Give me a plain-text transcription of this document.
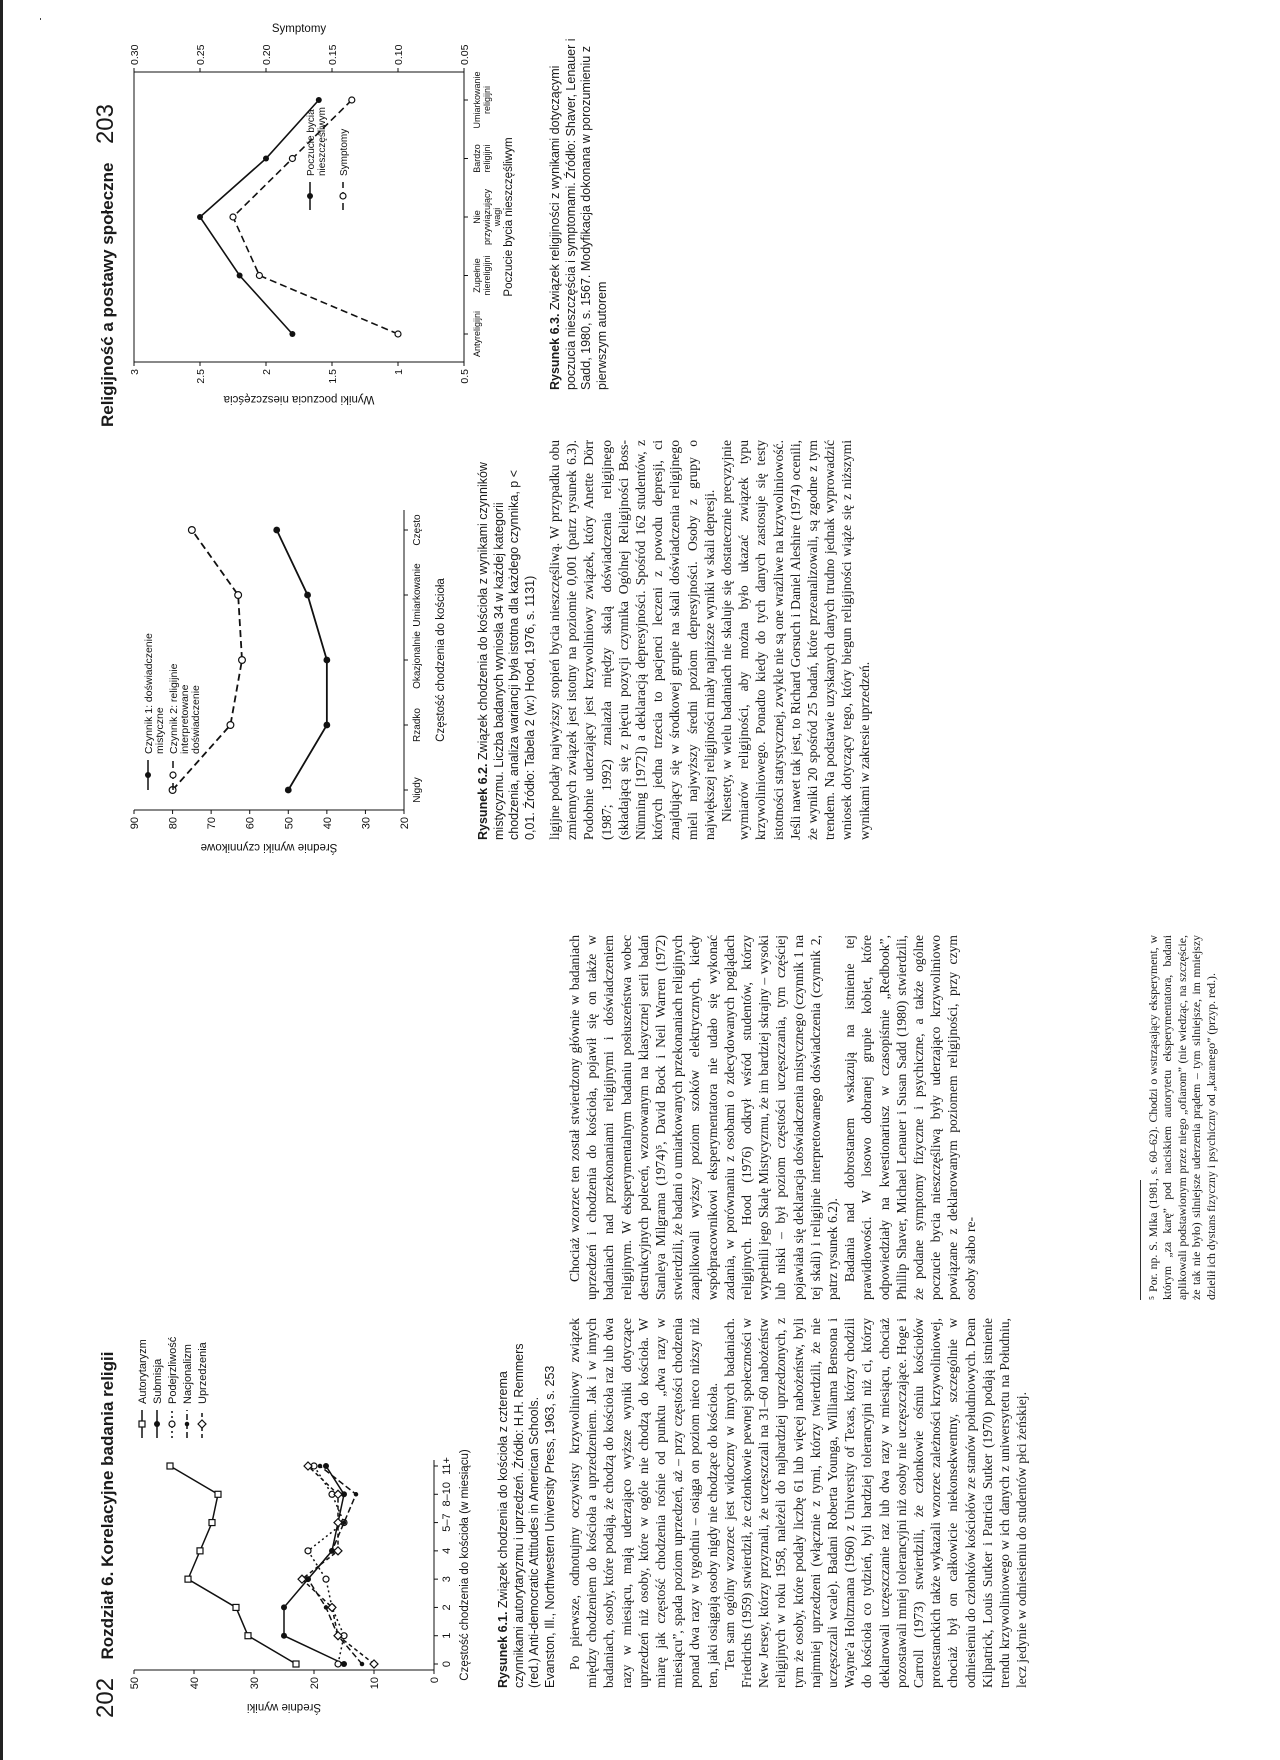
202 Rozdział 6. Korelacyjne badania religii
0
10
20
30
40
50
0
1
2
3
4
5–7
8–10
11+ Częstość chodzenia do kościoła (w miesiącu)
Średnie wyniki
Autorytaryzm Submisja Podejrzliwość Nacjonalizm Uprzedzenia
Rysunek 6.1. Związek chodzenia do kościoła z czterema czynnikami autorytaryzmu i uprzedzeń. Źródło: H.H. Remmers (red.) Anti-democratic Attitudes in American Schools. Evanston, Ill., Northwestern University Press, 1963, s. 253 Po pierwsze, odnotujmy oczywisty krzywoliniowy związek między chodzeniem do kościoła a uprzedzeniem. Jak i w innych badaniach, osoby, które podają, że chodzą do kościoła raz lub dwa razy w miesiącu, mają uderzająco wyższe wyniki dotyczące uprzedzeń niż osoby, które w ogóle nie chodzą do kościoła. W miarę jak częstość chodzenia rośnie od punktu „dwa razy w miesiącu”, spada poziom uprzedzeń, aż – przy częstości chodzenia ponad dwa razy w tygodniu – osiąga on poziom nieco niższy niż ten, jaki osiągają osoby nigdy nie chodzące do kościoła. Ten sam ogólny wzorzec jest widoczny w innych badaniach. Friedrichs (1959) stwierdził, że członkowie pewnej społeczności w New Jersey, którzy przyznali, że uczęszczali na 31–60 nabożeństw religijnych w roku 1958, należeli do najbardziej uprzedzonych, z tym że osoby, które podały liczbę 61 lub więcej nabożeństw, byli najmniej uprzedzeni (włącznie z tymi, którzy twierdzili, że nie uczęszczali wcale). Badani Roberta Younga, Williama Bensona i Wayne'a Holtzmana (1960) z University of Texas, którzy chodzili do kościoła co tydzień, byli bardziej tolerancyjni niż ci, którzy deklarowali uczęszczanie raz lub dwa razy w miesiącu, chociaż pozostawali mniej tolerancyjni niż osoby nie uczęszczające. Hoge i Carroll (1973) stwierdzili, że członkowie ośmiu kościołów protestanckich także wykazali wzorzec zależności krzywoliniowej, chociaż był on całkowicie niekonsekwentny, szczególnie w odniesieniu do członków kościołów ze stanów południowych. Dean Kilpatrick, Louis Sutker i Patricia Sutker (1970) podają istnienie trendu krzywoliniowego w ich danych z uniwersytetu na Południu, lecz jedynie w odniesieniu do studentów płci żeńskiej.

Chociaż wzorzec ten został stwierdzony głównie w badaniach uprzedzeń i chodzenia do kościoła, pojawił się on także w badaniach nad przekonaniami religijnymi i doświadczeniem religijnym. W eksperymentalnym badaniu posłuszeństwa wobec destrukcyjnych poleceń, wzorowanym na klasycznej serii badań Stanleya Milgrama (1974)⁵, David Bock i Neil Warren (1972) stwierdzili, że badani o umiarkowanych przekonaniach religijnych zaaplikowali wyższy poziom szoków elektrycznych, kiedy współpracownikowi eksperymentatora nie udało się wykonać zadania, w porównaniu z osobami o zdecydowanych poglądach religijnych. Hood (1976) odkrył wśród studentów, którzy wypełnili jego Skalę Mistycyzmu, że im bardziej skrajny – wysoki lub niski – był poziom częstości uczęszczania, tym częściej pojawiała się deklaracja doświadczenia mistycznego (czynnik 1 na tej skali) i religijnie interpretowanego doświadczenia (czynnik 2, patrz rysunek 6.2). Badania nad dobrostanem wskazują na istnienie tej prawidłowości. W losowo dobranej grupie kobiet, które odpowiedziały na kwestionariusz w czasopiśmie „Redbook”, Phillip Shaver, Michael Lenauer i Susan Sadd (1980) stwierdzili, że podane symptomy fizyczne i psychiczne, a także ogólne poczucie bycia nieszczęśliwą były uderzająco krzywoliniowo powiązane z deklarowanym poziomem religijności, przy czym osoby słabo re-	⁵ Por. np. S. Mika (1981, s. 60–62). Chodzi o wstrząsający eksperyment, w którym „za karę” pod naciskiem autorytetu eksperymentatora, badani aplikowali podstawionym przez niego „ofiarom” (nie wiedząc, na szczęście, że tak nie było) silniejsze uderzenia prądem – tym silniejsze, im mniejszy dzielił ich dystans fizyczny i psychiczny od „karanego” (przyp. red.).
Religijność a postawy społeczne 203
20
30
40
50
60
70
80
90
Nigdy
Rzadko
Okazjonalnie
Umiarkowanie
Często
Częstość chodzenia do kościoła
Średnie wyniki czynnikowe
Czynnik 1: doświadczenie mistyczne Czynnik 2: religijnie interpretowane doświadczenie
Rysunek 6.2. Związek chodzenia do kościoła z wynikami czynników mistycyzmu. Liczba badanych wyniosła 34 w każdej kategorii chodzenia, analiza wariancji była istotna dla każdego czynnika, p < 0,01. Źródło: Tabela 2 (w:) Hood, 1976, s. 1131) ligijne podały najwyższy stopień bycia nieszczęśliwą. W przypadku obu zmiennych związek jest istotny na poziomie 0,001 (patrz rysunek 6.3). Podobnie uderzający jest krzywoliniowy związek, który Anette Dörr (1987; 1992) znalazła między skalą doświadczenia religijnego (składającą się z pięciu pozycji czynnika Ogólnej Religijności Boss-Nünning [1972]) a deklaracją depresyjności. Spośród 162 studentów, z których jedna trzecia to pacjenci leczeni z powodu depresji, ci znajdujący się w środkowej grupie na skali doświadczenia religijnego mieli najwyższy średni poziom depresyjności. Osoby z grupy o największej religijności miały najniższe wyniki w skali depresji. Niestety, w wielu badaniach nie skaluje się dostatecznie precyzyjnie wymiarów religijności, aby można było ukazać związek typu krzywoliniowego. Ponadto kiedy do tych danych zastosuje się testy istotności statystycznej, zwykle nie są one wrażliwe na krzywoliniowość. Jeśli nawet tak jest, to Richard Gorsuch i Daniel Aleshire (1974) ocenili, że wyniki 20 spośród 25 badań, które przeanalizowali, są zgodne z tym trendem. Na podstawie uzyskanych danych trudno jednak wyprowadzić wniosek dotyczący tego, który biegun religijności wiąże się z niższymi wynikami w zakresie uprzedzeń.

0.5
1
1.5
2
2.5
3
0.05
0.10
0.15
0.20
0.25
0.30
Antyreligijni
Zupełnie niereligijni
Nie przywiązujący wagi
Bardzo religijni
Umiarkowanie religijni
Poczucie bycia nieszczęśliwym
Wyniki poczucia nieszczęścia
Symptomy
Poczucie bycia nieszczęśliwym Symptomy
Rysunek 6.3. Związek religijności z wynikami dotyczącymi poczucia nieszczęścia i symptomami. Źródło: Shaver, Lenauer i Sadd, 1980, s. 1567. Modyfikacja dokonana w porozumieniu z pierwszym autorem
